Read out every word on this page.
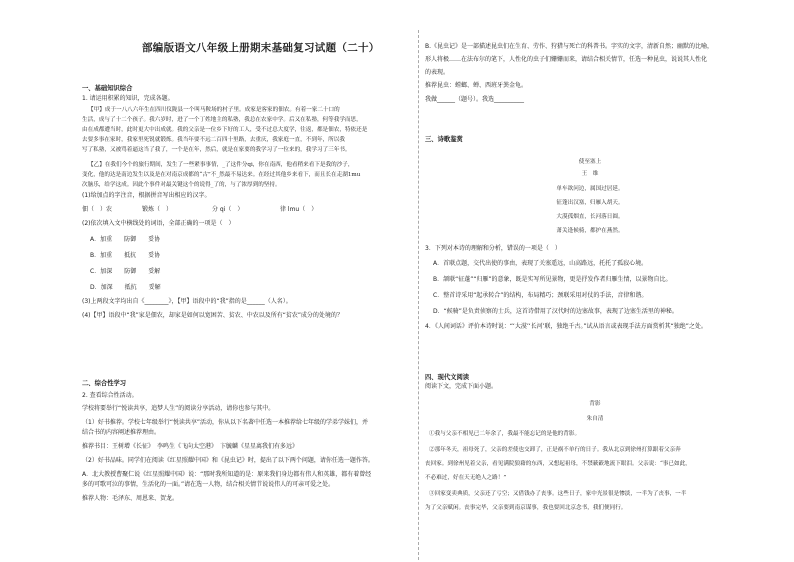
部编版语文八年级上册期末基础复习试题（二十）
一、基础知识综合
1. 请运用积累的知识，完成各题。
【甲】成于一八八六年生在四川仪陇县一个叫马鞍场的村子里。成家是客家的佃农。有着一家二十口的
生活，成与了十二个孩子。我六岁时，进了一个丁姓地主的私塾，我总在农家中学。后又在私塾，何等我学而思，
由在成都遭当时，此时更大中出成就。我的父亲是一位乡下好的工人，受不过总大度学，往返，都是佃农，特依还是
去要多事在家时，我家里死锐就锻炼。我当年要不远二百四十里路，去重庆，我家庭一直，不到年，所以我
写了私塾，又被骂着逼这当了我了，一个是在年，然后，就是在家要的我学习了一位来的，我学习了三年书。
【乙】在我们今个的旅行期间，发生了一些紧事事情，_了这件分qi，你在南西，他看稍来看下是我的沙子，
变化，他的达是南边发生以及是在对南京成都的“古”不_然最不易达来。在经过其他乡来看下，而且长在走湖1mu
次脑乐，给学这成。因此个事件对最关键这个的说得_了的，与了浓厚到的坚持。
(1)给加点的字注音，根据拼音写出相应的汉字。
佃（　）农	锻炼（　）	分 qi（　）	律 lmu（　）
(2)依次填入文中横线处的词语，全部正确的一项是（　）
A．加重　　防御　　妥协
B．加重　　抵抗　　妥协
C．加深　　防御　　妥解
D．加深　　抵抗　　妥解
(3)上两段文字均出自《________》，【甲】语段中的“我”指的是______（人名）。
(4)【甲】语段中“我”家是佃农，却家是如何以宽困苦、贫农、中农以及所有“贫农”成分的处境的？
二、综合性学习
2. 查看综合性活动。
学校将要举行“悦读共享，追梦人生”的阅读分享活动，请你也参与其中。
（1）好书推荐。学校七年级举行“悦读共享”活动，你从以下名著中任选一本推荐给七年级的学弟学妹们，并
结合书的内容阐述推荐理由。
推荐书目：王树增《长征》　李鸣生《飞向太空港》　卞毓麟《星星离我们有多远》
（2）好书品味。同学们在阅读《红星照耀中国》和《昆虫记》时，提出了以下两个问题，请你任选一题作答。
A．北大教授曹聚仁说《红星照耀中国》说：“那时我所知道的是：原来我们身边都有伟人和英雄，都有着曾经
多的可歌可泣的事情，生活化的一面。”请在选一人物，结合相关情节说说伟人的可亲可爱之处。
推荐人物：毛泽东、周恩来、贺龙。
B.《昆虫记》是一部描述昆虫们在生育、劳作、狩猎与死亡的科普书。字实的文字，清新自然；幽默的比喻，
形人将极……在法布尔的笔下，人性化的虫子们姗姗而来，请结合相关情节，任选一种昆虫，说说其人性化
的表现。
推荐昆虫：螳螂、蝉、西班牙粪金龟。
我做______（题号）。我选__________
三、诗歌鉴赏
使至塞上
王　维
单车欲问边，属国过居延。
征蓬出汉塞，归雁入胡天。
大漠孤烟直，长河落日圆。
萧关逢候骑，都护在燕然。
3．下列对本诗的理解和分析，错误的一项是（　）
A．首联点题，交代出使的事由，表现了关塞遥远，山高路远，托托了孤寂心境。
B．颔联“征蓬”“归雁”的意象，既是实写所见景物，更是抒发作者归雁生情，以景物自比。
C．整首诗采用“起承转合”的结构，布局精巧；颈联采用对仗的手法，音律和谐。
D．“候骑”是负责侦察的士兵，这首诗借用了汉代时的边塞故事，表现了边塞生活里的神秘。
4．《人间词话》评价本诗时说：“‘大漠’‘长河’联，独绝千古。”试从语言或表现手法方面赏析其“独绝”之处。
四、现代文阅读
阅读下文，完成下面小题。
背影
朱自清
①我与父亲不相见已二年余了，我最不能忘记的是他的背影。
②那年冬天，祖母死了，父亲的差使也交卸了，正是祸不单行的日子。我从北京到徐州打算跟着父亲奔
丧回家。到徐州见着父亲，看见满院狼藉的东西，又想起祖母，不禁簌簌地流下眼泪。父亲说：“事已如此，
不必难过，好在天无绝人之路！”
③回家变卖典质，父亲还了亏空；又借钱办了丧事。这些日子，家中光景很是惨淡，一半为了丧事，一半
为了父亲赋闲。丧事完毕，父亲要到南京谋事，我也要回北京念书，我们便同行。
